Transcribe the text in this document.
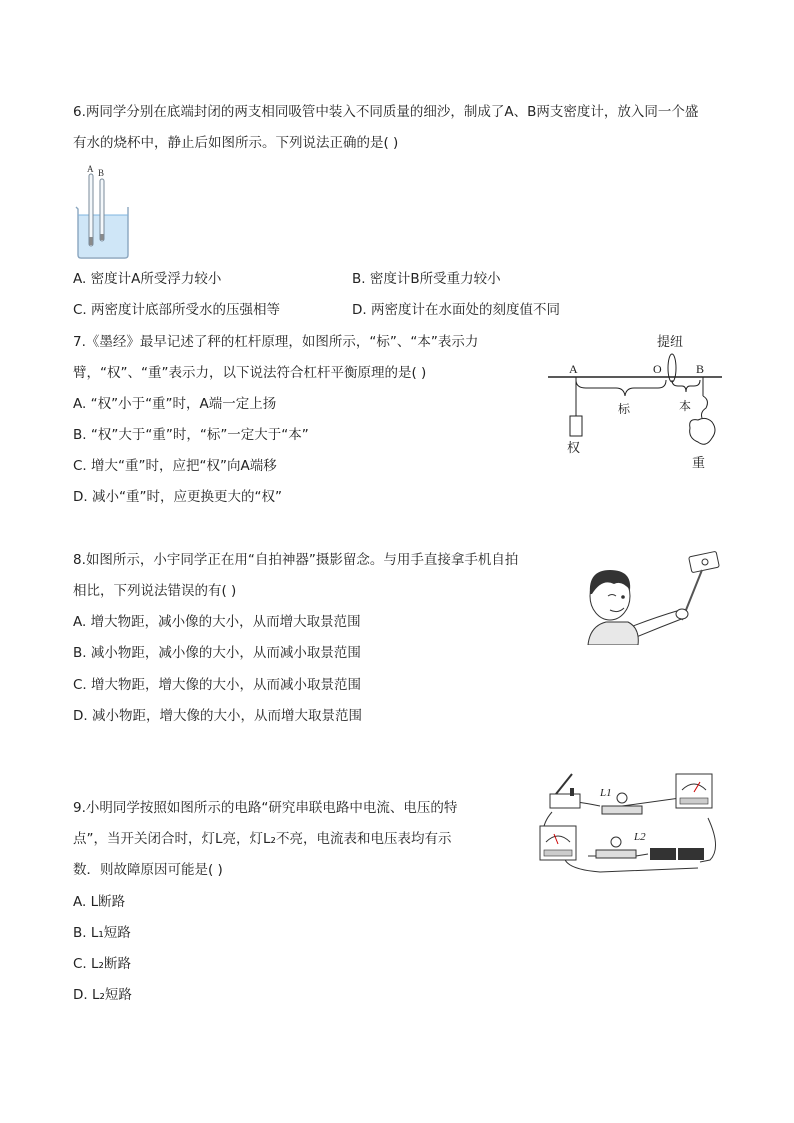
6.两同学分别在底端封闭的两支相同吸管中装入不同质量的细沙，制成了A、B两支密度计，放入同一个盛
有水的烧杯中，静止后如图所示。下列说法正确的是( )
A B
A. 密度计A所受浮力较小	B. 密度计B所受重力较小
C. 两密度计底部所受水的压强相等	D. 两密度计在水面处的刻度值不同
7.《墨经》最早记述了秤的杠杆原理，如图所示，“标”、“本”表示力
臂，“权”、“重”表示力，以下说法符合杠杆平衡原理的是( )
A. “权”小于“重”时，A端一定上扬
B. “权”大于“重”时，“标”一定大于“本”
C. 增大“重”时，应把“权”向A端移
D. 减小“重”时，应更换更大的“权”
提纽
A	O	B
标	本
权
重
8.如图所示，小宇同学正在用“自拍神器”摄影留念。与用手直接拿手机自拍
相比，下列说法错误的有( )
A. 增大物距，减小像的大小，从而增大取景范围
B. 减小物距，减小像的大小，从而减小取景范围
C. 增大物距，增大像的大小，从而减小取景范围
D. 减小物距，增大像的大小，从而增大取景范围
9.小明同学按照如图所示的电路“研究串联电路中电流、电压的特
点”，当开关闭合时，灯L亮，灯L₂不亮，电流表和电压表均有示
数．则故障原因可能是( )
A. L断路
B. L₁短路
C. L₂断路
D. L₂短路
L1
L2
